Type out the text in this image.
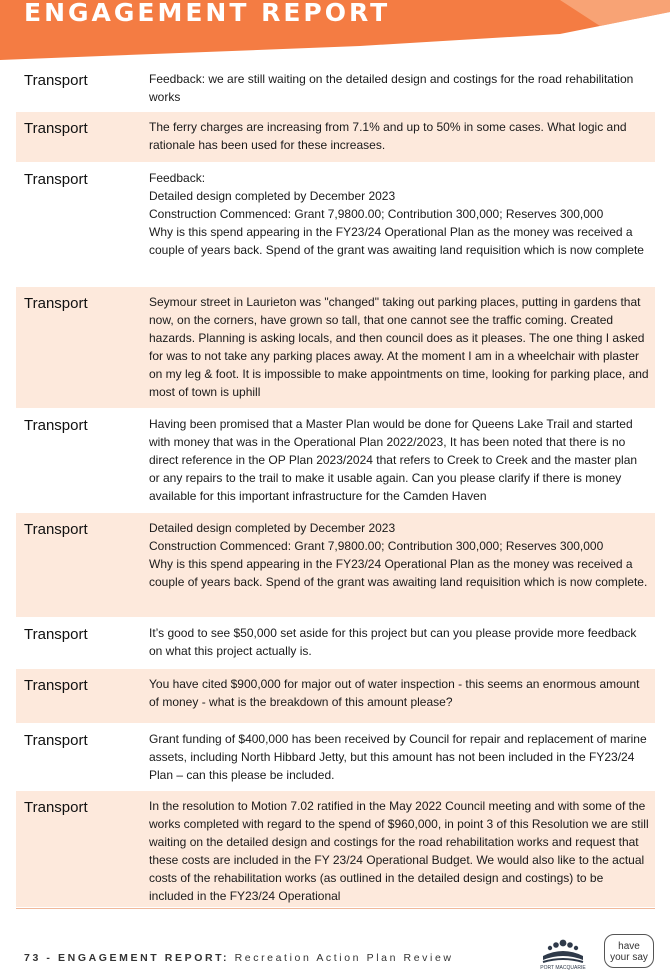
ENGAGEMENT REPORT
Transport	Feedback: we are still waiting on the detailed design and costings for the road rehabilitation works
Transport	The ferry charges are increasing from 7.1% and up to 50% in some cases. What logic and rationale has been used for these increases.
Transport	Feedback:
Detailed design completed by December 2023
Construction Commenced: Grant 7,9800.00; Contribution 300,000; Reserves 300,000
Why is this spend appearing in the FY23/24 Operational Plan as the money was received a couple of years back. Spend of the grant was awaiting land requisition which is now complete
Transport	Seymour street in Laurieton was "changed" taking out parking places, putting in gardens that now, on the corners, have grown so tall, that one cannot see the traffic coming. Created hazards. Planning is asking locals, and then council does as it pleases. The one thing I asked for was to not take any parking places away. At the moment I am in a wheelchair with plaster on my leg & foot. It is impossible to make appointments on time, looking for parking place, and most of town is uphill
Transport	Having been promised that a Master Plan would be done for Queens Lake Trail and started with money that was in the Operational Plan 2022/2023, It has been noted that there is no direct reference in the OP Plan 2023/2024 that refers to Creek to Creek and the master plan or any repairs to the trail to make it usable again. Can you please clarify if there is money available for this important infrastructure for the Camden Haven
Transport	Detailed design completed by December 2023
Construction Commenced: Grant 7,9800.00; Contribution 300,000; Reserves 300,000
Why is this spend appearing in the FY23/24 Operational Plan as the money was received a couple of years back. Spend of the grant was awaiting land requisition which is now complete.
Transport	It’s good to see $50,000 set aside for this project but can you please provide more feedback on what this project actually is.
Transport	You have cited $900,000 for major out of water inspection - this seems an enormous amount of money - what is the breakdown of this amount please?
Transport	Grant funding of $400,000 has been received by Council for repair and replacement of marine assets, including North Hibbard Jetty, but this amount has not been included in the FY23/24 Plan – can this please be included.
Transport	In the resolution to Motion 7.02 ratified in the May 2022 Council meeting and with some of the works completed with regard to the spend of $960,000, in point 3 of this Resolution we are still waiting on the detailed design and costings for the road rehabilitation works and request that these costs are included in the FY 23/24 Operational Budget. We would also like to the actual costs of the rehabilitation works (as outlined in the detailed design and costings) to be included in the FY23/24 Operational
73 - ENGAGEMENT REPORT: Recreation Action Plan Review
PORT MACQUARIE
have
your say
